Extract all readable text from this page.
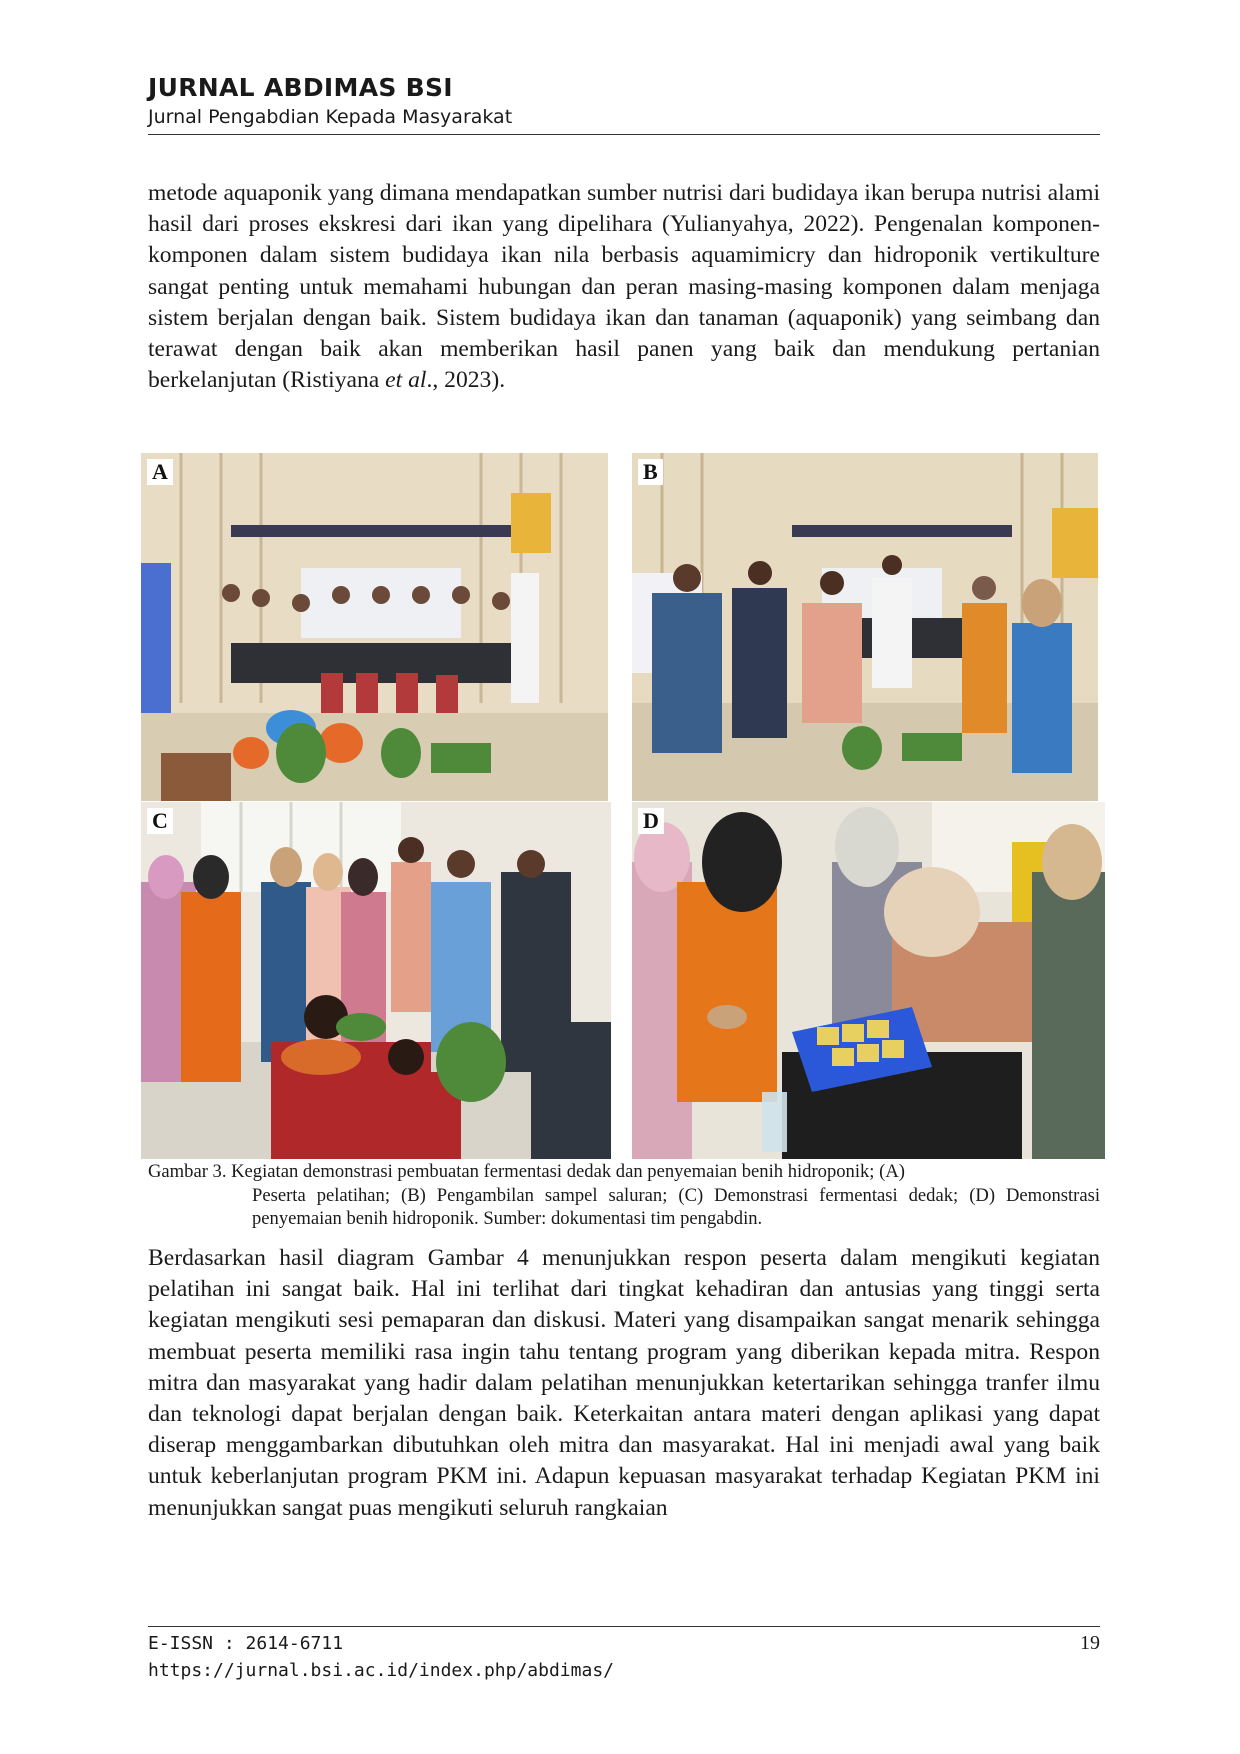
JURNAL ABDIMAS BSI
Jurnal Pengabdian Kepada Masyarakat
metode aquaponik yang dimana mendapatkan sumber nutrisi dari budidaya ikan berupa nutrisi alami hasil dari proses ekskresi dari ikan yang dipelihara (Yulianyahya, 2022). Pengenalan komponen-komponen dalam sistem budidaya ikan nila berbasis aquamimicry dan hidroponik vertikulture sangat penting untuk memahami hubungan dan peran masing-masing komponen dalam menjaga sistem berjalan dengan baik. Sistem budidaya ikan dan tanaman (aquaponik) yang seimbang dan terawat dengan baik akan memberikan hasil panen yang baik dan mendukung pertanian berkelanjutan (Ristiyana et al., 2023).
A	B
C	D
Gambar 3. Kegiatan demonstrasi pembuatan fermentasi dedak dan penyemaian benih hidroponik; (A)
Peserta pelatihan; (B) Pengambilan sampel saluran; (C) Demonstrasi fermentasi dedak; (D) Demonstrasi penyemaian benih hidroponik. Sumber: dokumentasi tim pengabdin.
Berdasarkan hasil diagram Gambar 4 menunjukkan respon peserta dalam mengikuti kegiatan pelatihan ini sangat baik. Hal ini terlihat dari tingkat kehadiran dan antusias yang tinggi serta kegiatan mengikuti sesi pemaparan dan diskusi. Materi yang disampaikan sangat menarik sehingga membuat peserta memiliki rasa ingin tahu tentang program yang diberikan kepada mitra. Respon mitra dan masyarakat yang hadir dalam pelatihan menunjukkan ketertarikan sehingga tranfer ilmu dan teknologi dapat berjalan dengan baik. Keterkaitan antara materi dengan aplikasi yang dapat diserap menggambarkan dibutuhkan oleh mitra dan masyarakat. Hal ini menjadi awal yang baik untuk keberlanjutan program PKM ini. Adapun kepuasan masyarakat terhadap Kegiatan PKM ini menunjukkan sangat puas mengikuti seluruh rangkaian
E-ISSN : 2614-6711
https://jurnal.bsi.ac.id/index.php/abdimas/
19
